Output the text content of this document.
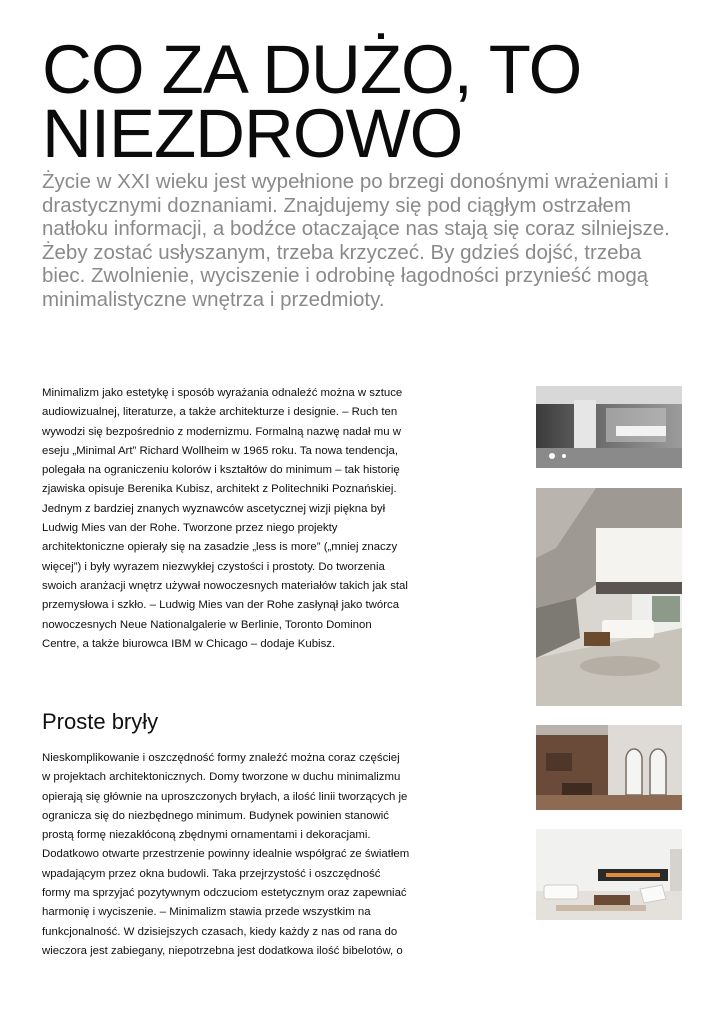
CO ZA DUŻO, TO NIEZDROWO

Życie w XXI wieku jest wypełnione po brzegi donośnymi wrażeniami i drastycznymi doznaniami. Znajdujemy się pod ciągłym ostrzałem natłoku informacji, a bodźce otaczające nas stają się coraz silniejsze. Żeby zostać usłyszanym, trzeba krzyczeć. By gdzieś dojść, trzeba biec. Zwolnienie, wyciszenie i odrobinę łagodności przynieść mogą minimalistyczne wnętrza i przedmioty.

Minimalizm jako estetykę i sposób wyrażania odnaleźć można w sztuce audiowizualnej, literaturze, a także architekturze i designie. – Ruch ten wywodzi się bezpośrednio z modernizmu. Formalną nazwę nadał mu w eseju „Minimal Art” Richard Wollheim w 1965 roku. Ta nowa tendencja, polegała na ograniczeniu kolorów i kształtów do minimum – tak historię zjawiska opisuje Berenika Kubisz, architekt z Politechniki Poznańskiej. Jednym z bardziej znanych wyznawców ascetycznej wizji piękna był Ludwig Mies van der Rohe. Tworzone przez niego projekty architektoniczne opierały się na zasadzie „less is more” („mniej znaczy więcej”) i były wyrazem niezwykłej czystości i prostoty. Do tworzenia swoich aranżacji wnętrz używał nowoczesnych materiałów takich jak stal przemysłowa i szkło. – Ludwig Mies van der Rohe zasłynął jako twórca nowoczesnych Neue Nationalgalerie w Berlinie, Toronto Dominon Centre, a także biurowca IBM w Chicago – dodaje Kubisz.

Proste bryły

Nieskomplikowanie i oszczędność formy znaleźć można coraz częściej w projektach architektonicznych. Domy tworzone w duchu minimalizmu opierają się głównie na uproszczonych bryłach, a ilość linii tworzących je ogranicza się do niezbędnego minimum. Budynek powinien stanowić prostą formę niezakłóconą zbędnymi ornamentami i dekoracjami. Dodatkowo otwarte przestrzenie powinny idealnie współgrać ze światłem wpadającym przez okna budowli. Taka przejrzystość i oszczędność formy ma sprzyjać pozytywnym odczuciom estetycznym oraz zapewniać harmonię i wyciszenie. – Minimalizm stawia przede wszystkim na funkcjonalność. W dzisiejszych czasach, kiedy każdy z nas od rana do wieczora jest zabiegany, niepotrzebna jest dodatkowa ilość bibelotów, o
